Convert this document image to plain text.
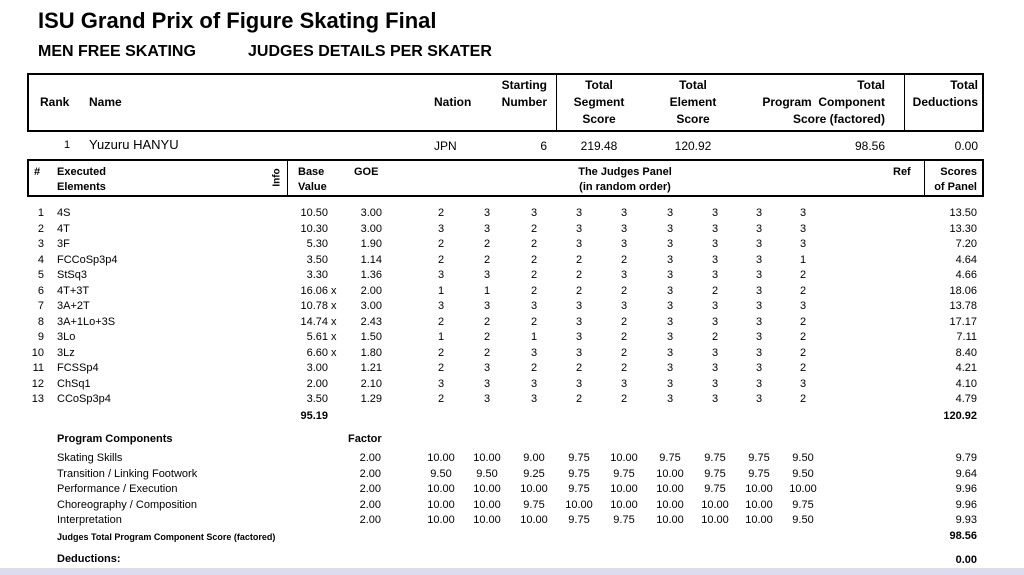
ISU Grand Prix of Figure Skating Final
MEN FREE SKATING	JUDGES DETAILS PER SKATER
Rank Name	Nation
Starting
Number
Total
Segment
Score
Total
Element
Score
Total
Program  Component
Score (factored)
Total
Deductions
1 Yuzuru HANYU	JPN	6	219.48	120.92	98.56	0.00
# Executed
Elements
Info Base
Value
GOE	The Judges Panel
(in random order)
Ref	Scores
of Panel
1 4S	10.50	3.00	2	3	3	3	3	3	3	3	3	13.50
2 4T	10.30	3.00	3	3	2	3	3	3	3	3	3	13.30
3 3F	5.30	1.90	2	2	2	3	3	3	3	3	3	7.20
4 FCCoSp3p4	3.50	1.14	2	2	2	2	2	3	3	3	1	4.64
5 StSq3	3.30	1.36	3	3	2	2	3	3	3	3	2	4.66
6 4T+3T	16.06 x	2.00	1	1	2	2	2	3	2	3	2	18.06
7 3A+2T	10.78 x	3.00	3	3	3	3	3	3	3	3	3	13.78
8 3A+1Lo+3S	14.74 x	2.43	2	2	2	3	2	3	3	3	2	17.17
9 3Lo	5.61 x	1.50	1	2	1	3	2	3	2	3	2	7.11
10 3Lz	6.60 x	1.80	2	2	3	3	2	3	3	3	2	8.40
11 FCSSp4	3.00	1.21	2	3	2	2	2	3	3	3	2	4.21
12 ChSq1	2.00	2.10	3	3	3	3	3	3	3	3	3	4.10
13 CCoSp3p4	3.50	1.29	2	3	3	2	2	3	3	3	2	4.79
95.19	120.92
Program Components	Factor
Skating Skills	2.00	10.00	10.00	9.00	9.75	10.00	9.75	9.75	9.75	9.50	9.79
Transition / Linking Footwork	2.00	9.50	9.50	9.25	9.75	9.75	10.00	9.75	9.75	9.50	9.64
Performance / Execution	2.00	10.00	10.00	10.00	9.75	10.00	10.00	9.75	10.00	10.00	9.96
Choreography / Composition	2.00	10.00	10.00	9.75	10.00	10.00	10.00	10.00	10.00	9.75	9.96
Interpretation	2.00	10.00	10.00	10.00	9.75	9.75	10.00	10.00	10.00	9.50	9.93
Judges Total Program Component Score (factored)	98.56
Deductions:	0.00
